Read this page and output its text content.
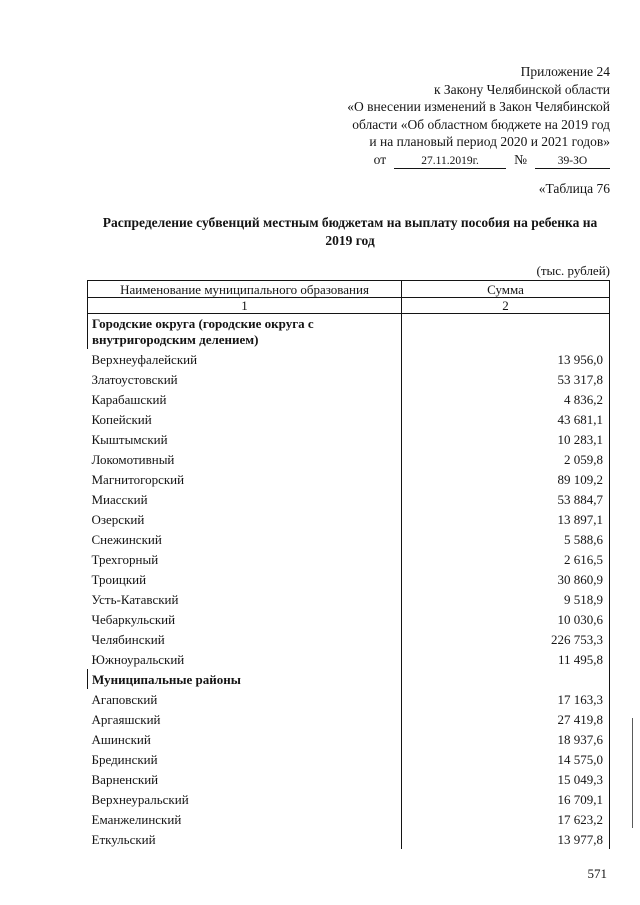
Приложение 24
к Закону Челябинской области
«О внесении изменений в Закон Челябинской
области «Об областном бюджете на 2019 год
и на плановый период 2020 и 2021 годов»
от	27.11.2019г.	№	39-ЗО
«Таблица 76
Распределение субвенций местным бюджетам на выплату пособия на ребенка на 2019 год
(тыс. рублей)
Наименование муниципального образования	Сумма
1	2
Городские округа (городские округа с внутригородским делением)	
Верхнеуфалейский	13 956,0
Златоустовский	53 317,8
Карабашский	4 836,2
Копейский	43 681,1
Кыштымский	10 283,1
Локомотивный	2 059,8
Магнитогорский	89 109,2
Миасский	53 884,7
Озерский	13 897,1
Снежинский	5 588,6
Трехгорный	2 616,5
Троицкий	30 860,9
Усть-Катавский	9 518,9
Чебаркульский	10 030,6
Челябинский	226 753,3
Южноуральский	11 495,8
Муниципальные районы	
Агаповский	17 163,3
Аргаяшский	27 419,8
Ашинский	18 937,6
Брединский	14 575,0
Варненский	15 049,3
Верхнеуральский	16 709,1
Еманжелинский	17 623,2
Еткульский	13 977,8
571
